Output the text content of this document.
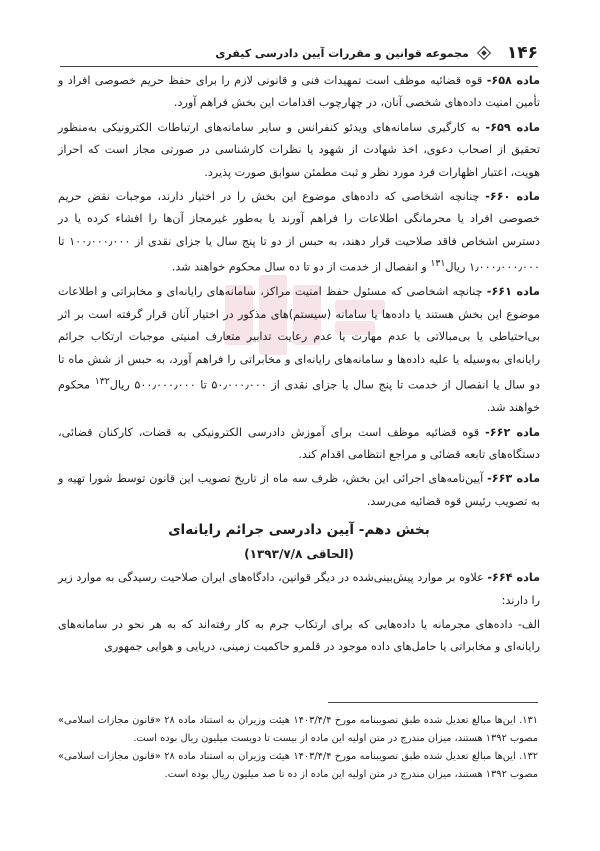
۱۴۶
مجموعه قوانین و مقررات آیین دادرسی کیفری

ماده ۶۵۸- قوه قضائیه موظف است تمهیدات فنی و قانونی لازم را برای حفظ حریم خصوصی افراد و تأمین امنیت داده‌های شخصی آنان، در چهارچوب اقدامات این بخش فراهم آورد.

ماده ۶۵۹- به کارگیری سامانه‌های ویدئو کنفرانس و سایر سامانه‌های ارتباطات الکترونیکی به‌منظور تحقیق از اصحاب دعوی، اخذ شهادت از شهود یا نظرات کارشناسی در صورتی مجاز است که احراز هویت، اعتبار اظهارات فرد مورد نظر و ثبت مطمئن سوابق صورت پذیرد.

ماده ۶۶۰- چنانچه اشخاصی که داده‌های موضوع این بخش را در اختیار دارند، موجبات نقض حریم خصوصی افراد یا محرمانگی اطلاعات را فراهم آورند یا به‌طور غیرمجاز آن‌ها را افشاء کرده یا در دسترس اشخاص فاقد صلاحیت قرار دهند، به حبس از دو تا پنج سال یا جزای نقدی از ۱۰۰٫۰۰۰٫۰۰۰ تا ۱٫۰۰۰٫۰۰۰٫۰۰۰ ریال$^{۱۳۱}$ و انفصال از خدمت از دو تا ده سال محکوم خواهند شد.

ماده ۶۶۱- چنانچه اشخاصی که مسئول حفظ امنیت مراکز، سامانه‌های رایانه‌ای و مخابراتی و اطلاعات موضوع این بخش هستند یا داده‌ها یا سامانه (سیستم)های مذکور در اختیار آنان قرار گرفته است بر اثر بی‌احتیاطی یا بی‌مبالاتی یا عدم مهارت یا عدم رعایت تدابیر متعارف امنیتی موجبات ارتکاب جرائم رایانه‌ای به‌وسیله یا علیه داده‌ها و سامانه‌های رایانه‌ای و مخابراتی را فراهم آورد، به حبس از شش ماه تا دو سال یا انفصال از خدمت تا پنج سال یا جزای نقدی از ۵۰٫۰۰۰٫۰۰۰ تا ۵۰۰٫۰۰۰٫۰۰۰ ریال$^{۱۳۲}$ محکوم خواهند شد.

ماده ۶۶۲- قوه قضائیه موظف است برای آموزش دادرسی الکترونیکی به قضات، کارکنان قضائی، دستگاه‌های تابعه قضائی و مراجع انتظامی اقدام کند.

ماده ۶۶۳- آیین‌نامه‌های اجرائی این بخش، ظرف سه ماه از تاریخ تصویب این قانون توسط شورا تهیه و به تصویب رئیس قوه قضائیه می‌رسد.

بخش دهم- آیین دادرسی جرائم رایانه‌ای
(الحاقی ۱۳۹۳/۷/۸)

ماده ۶۶۴- علاوه بر موارد پیش‌بینی‌شده در دیگر قوانین، دادگاه‌های ایران صلاحیت رسیدگی به موارد زیر را دارند:

الف- داده‌های مجرمانه یا داده‌هایی که برای ارتکاب جرم به کار رفته‌اند که به هر نحو در سامانه‌های رایانه‌ای و مخابراتی یا حامل‌های داده موجود در قلمرو حاکمیت زمینی، دریایی و هوایی جمهوری

۱۳۱. این‌ها مبالغ تعدیل شده طبق تصویبنامه مورخ ۱۴۰۳/۴/۴ هیئت وزیران به استناد ماده ۲۸ «قانون مجازات اسلامی» مصوب ۱۳۹۲ هستند، میزان مندرج در متن اولیه این ماده از بیست تا دویست میلیون ریال بوده است.

۱۳۲. این‌ها مبالغ تعدیل شده طبق تصویبنامه مورخ ۱۴۰۳/۴/۴ هیئت وزیران به استناد ماده ۲۸ «قانون مجازات اسلامی» مصوب ۱۳۹۲ هستند، میزان مندرج در متن اولیه این ماده از ده تا صد میلیون ریال بوده است.
